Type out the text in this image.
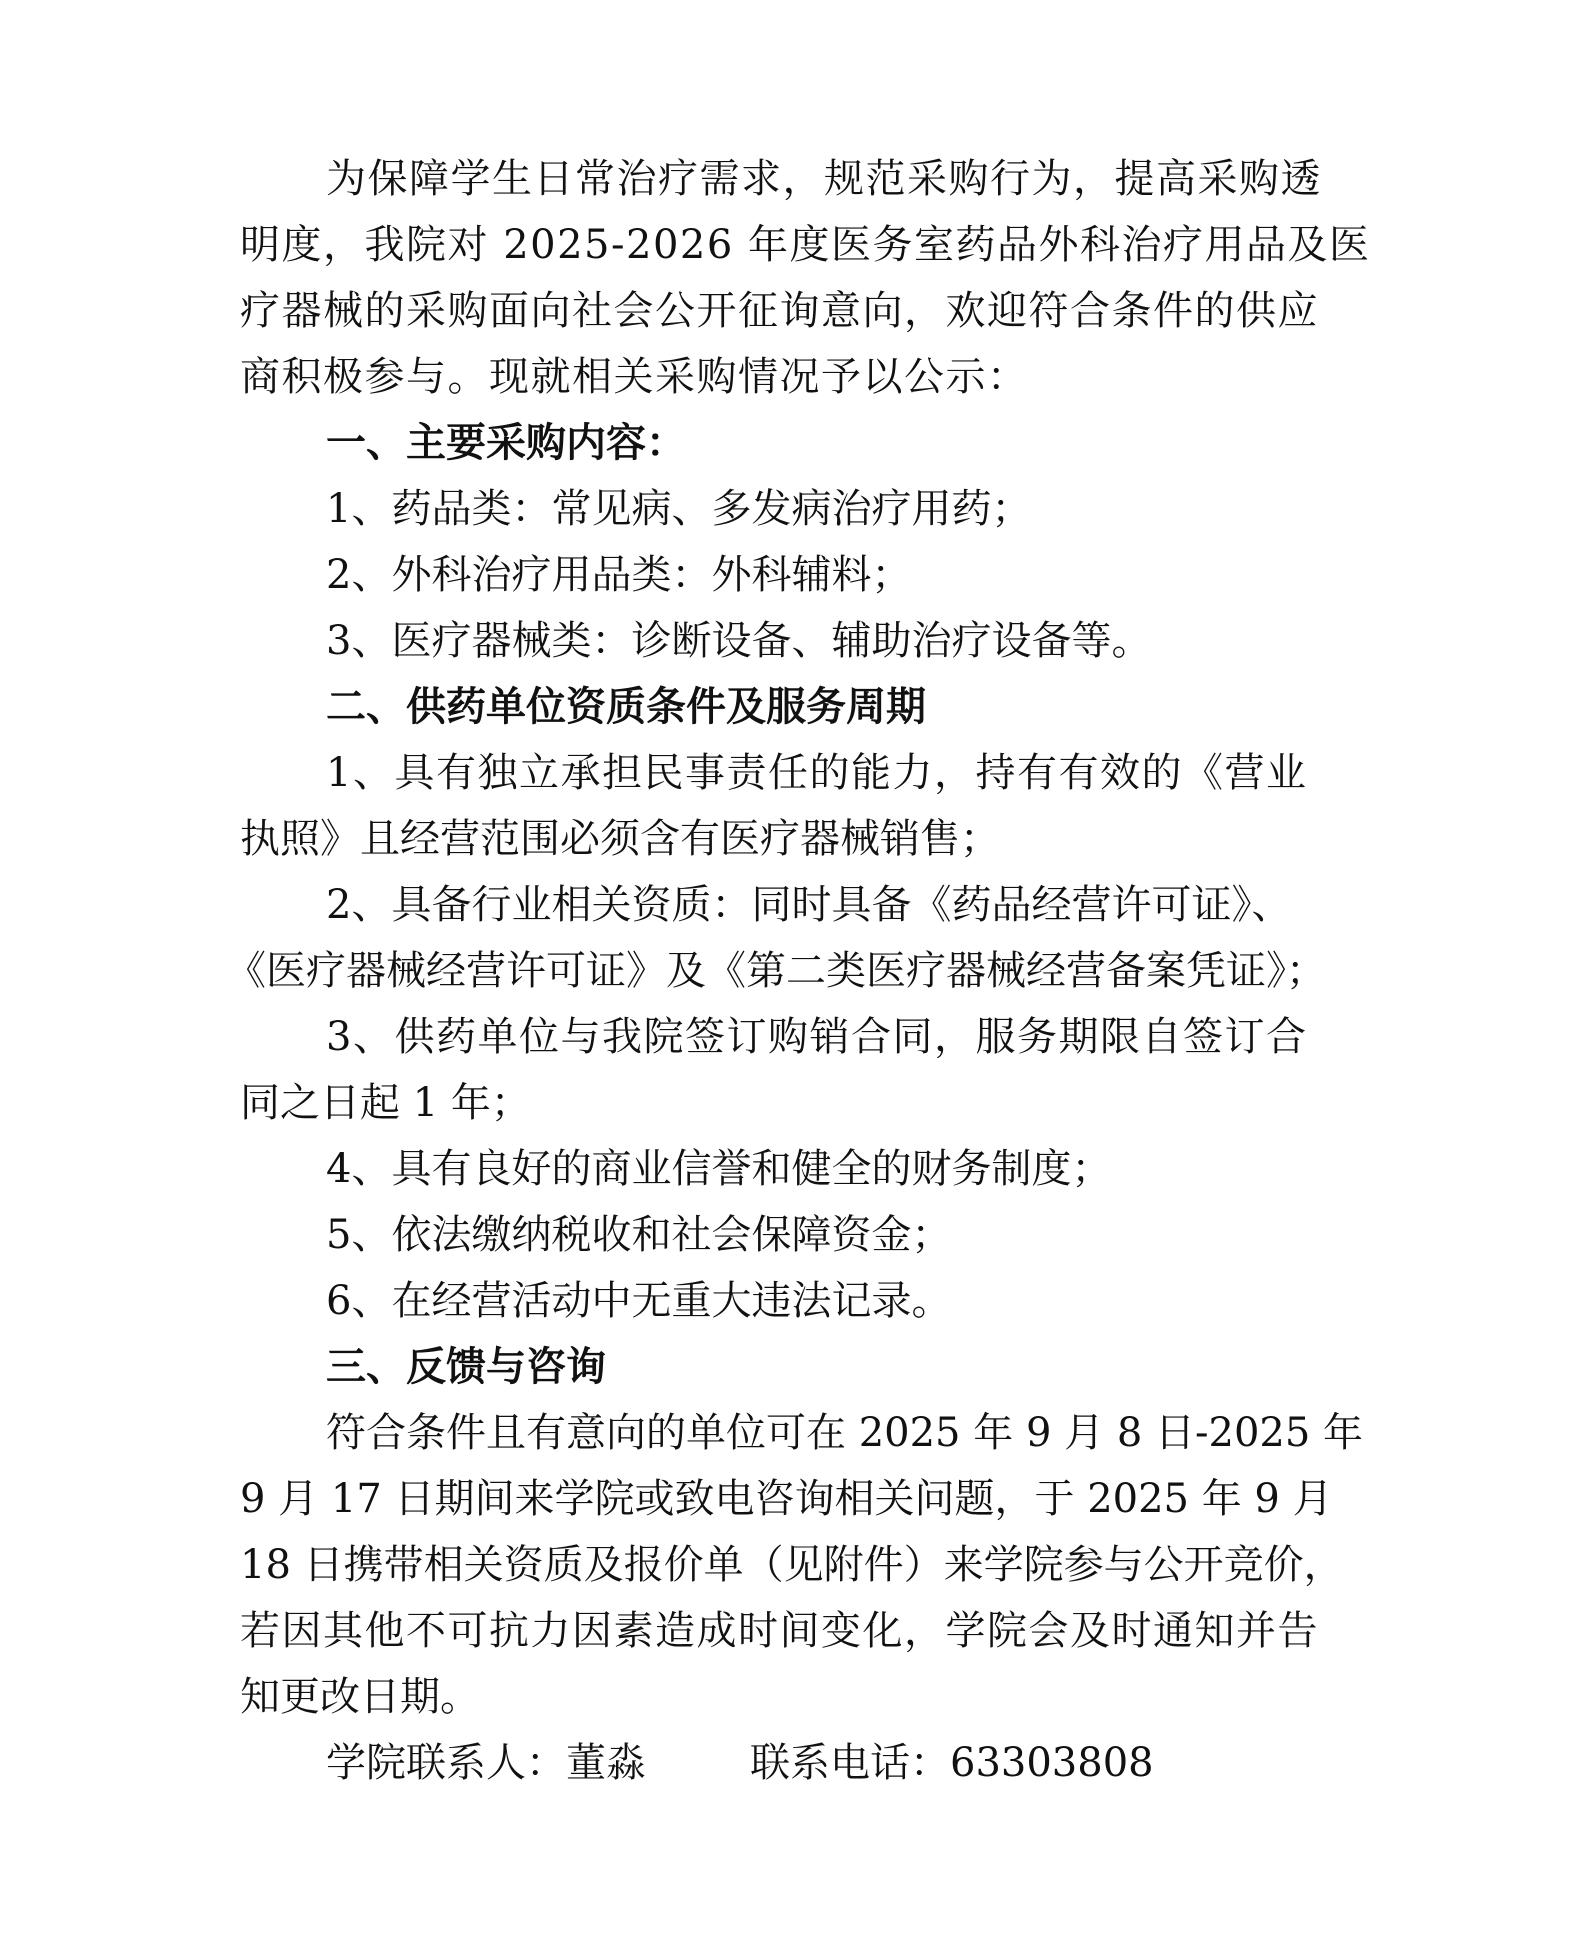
为保障学生日常治疗需求，规范采购行为，提高采购透
明度，我院对 2025-2026 年度医务室药品外科治疗用品及医
疗器械的采购面向社会公开征询意向，欢迎符合条件的供应
商积极参与。现就相关采购情况予以公示：
一、主要采购内容：
1、药品类：常见病、多发病治疗用药；
2、外科治疗用品类：外科辅料；
3、医疗器械类：诊断设备、辅助治疗设备等。
二、供药单位资质条件及服务周期
1、具有独立承担民事责任的能力，持有有效的《营业
执照》且经营范围必须含有医疗器械销售；
2、具备行业相关资质：同时具备《药品经营许可证》、
《医疗器械经营许可证》及《第二类医疗器械经营备案凭证》；
3、供药单位与我院签订购销合同，服务期限自签订合
同之日起 1 年；
4、具有良好的商业信誉和健全的财务制度；
5、依法缴纳税收和社会保障资金；
6、在经营活动中无重大违法记录。
三、反馈与咨询
符合条件且有意向的单位可在 2025 年 9 月 8 日-2025 年
9 月 17 日期间来学院或致电咨询相关问题，于 2025 年 9 月
18 日携带相关资质及报价单（见附件）来学院参与公开竞价，
若因其他不可抗力因素造成时间变化，学院会及时通知并告
知更改日期。
学院联系人：董淼	联系电话：63303808
